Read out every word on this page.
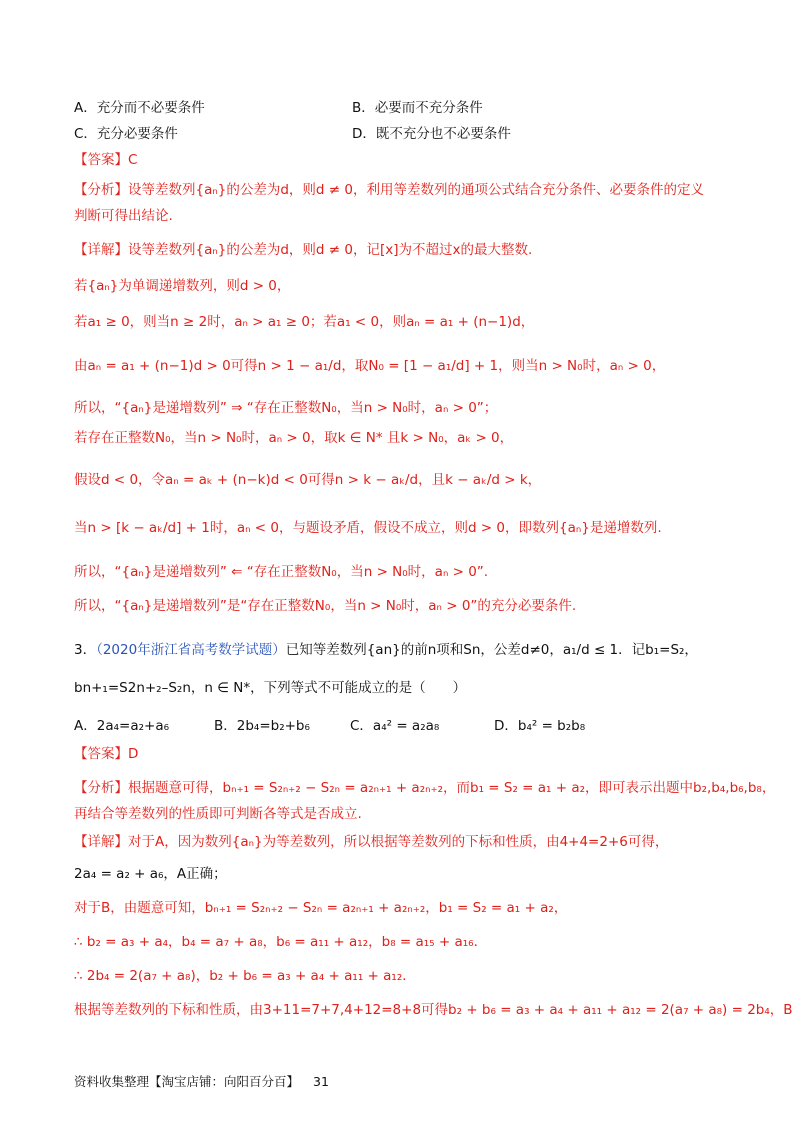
A．充分而不必要条件	B．必要而不充分条件
C．充分必要条件	D．既不充分也不必要条件
【答案】C
【分析】设等差数列{aₙ}的公差为d，则d ≠ 0，利用等差数列的通项公式结合充分条件、必要条件的定义
判断可得出结论.
【详解】设等差数列{aₙ}的公差为d，则d ≠ 0，记[x]为不超过x的最大整数.
若{aₙ}为单调递增数列，则d > 0，
若a₁ ≥ 0，则当n ≥ 2时，aₙ > a₁ ≥ 0；若a₁ < 0，则aₙ = a₁ + (n−1)d，
由aₙ = a₁ + (n−1)d > 0可得n > 1 − a₁/d，取N₀ = [1 − a₁/d] + 1，则当n > N₀时，aₙ > 0，
所以，“{aₙ}是递增数列” ⇒ “存在正整数N₀，当n > N₀时，aₙ > 0”；
若存在正整数N₀，当n > N₀时，aₙ > 0，取k ∈ N* 且k > N₀，aₖ > 0，
假设d < 0，令aₙ = aₖ + (n−k)d < 0可得n > k − aₖ/d，且k − aₖ/d > k，
当n > [k − aₖ/d] + 1时，aₙ < 0，与题设矛盾，假设不成立，则d > 0，即数列{aₙ}是递增数列.
所以，“{aₙ}是递增数列” ⇐ “存在正整数N₀，当n > N₀时，aₙ > 0”.
所以，“{aₙ}是递增数列”是“存在正整数N₀，当n > N₀时，aₙ > 0”的充分必要条件.
3．（2020年浙江省高考数学试题）已知等差数列{an}的前n项和Sn，公差d≠0，a₁/d ≤ 1．记b₁=S₂，
bn+₁=S2n+₂–S₂n，n ∈ N*，下列等式不可能成立的是（　　）
A．2a₄=a₂+a₆	B．2b₄=b₂+b₆	C．a₄² = a₂a₈	D．b₄² = b₂b₈
【答案】D
【分析】根据题意可得，bₙ₊₁ = S₂ₙ₊₂ − S₂ₙ = a₂ₙ₊₁ + a₂ₙ₊₂，而b₁ = S₂ = a₁ + a₂，即可表示出题中b₂,b₄,b₆,b₈，
再结合等差数列的性质即可判断各等式是否成立.
【详解】对于A，因为数列{aₙ}为等差数列，所以根据等差数列的下标和性质，由4+4=2+6可得，
2a₄ = a₂ + a₆，A正确；
对于B，由题意可知，bₙ₊₁ = S₂ₙ₊₂ − S₂ₙ = a₂ₙ₊₁ + a₂ₙ₊₂，b₁ = S₂ = a₁ + a₂，
∴ b₂ = a₃ + a₄，b₄ = a₇ + a₈，b₆ = a₁₁ + a₁₂，b₈ = a₁₅ + a₁₆．
∴ 2b₄ = 2(a₇ + a₈)，b₂ + b₆ = a₃ + a₄ + a₁₁ + a₁₂．
根据等差数列的下标和性质，由3+11=7+7,4+12=8+8可得b₂ + b₆ = a₃ + a₄ + a₁₁ + a₁₂ = 2(a₇ + a₈) = 2b₄，B
资料收集整理【淘宝店铺：向阳百分百】 31
